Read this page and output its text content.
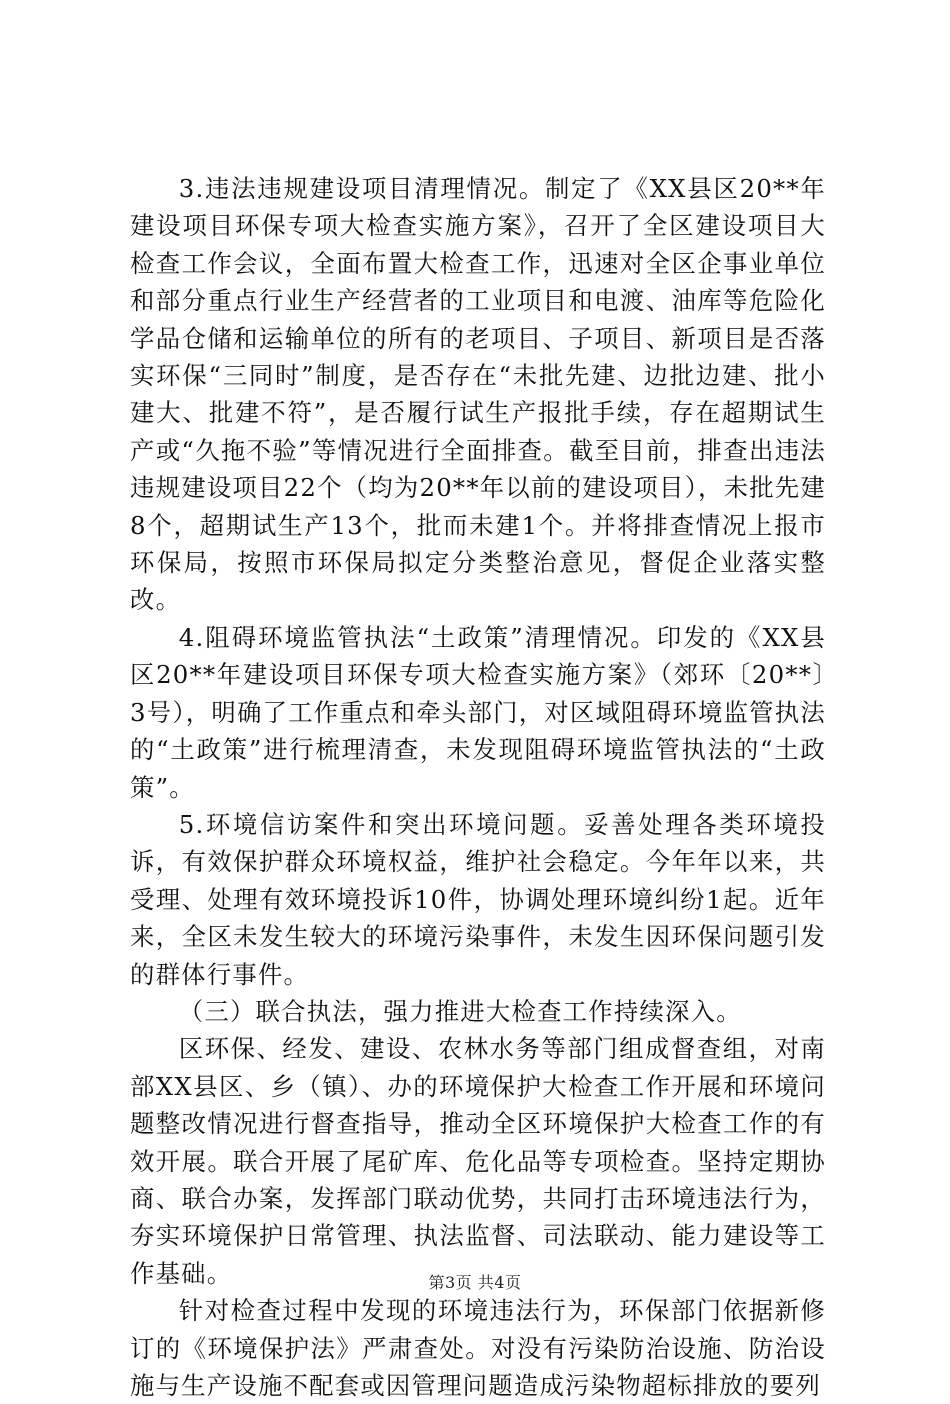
3.违法违规建设项目清理情况。制定了《XX县区20**年建设项目环保专项大检查实施方案》，召开了全区建设项目大检查工作会议，全面布置大检查工作，迅速对全区企事业单位和部分重点行业生产经营者的工业项目和电渡、油库等危险化学品仓储和运输单位的所有的老项目、子项目、新项目是否落实环保“三同时”制度，是否存在“未批先建、边批边建、批小建大、批建不符”，是否履行试生产报批手续，存在超期试生产或“久拖不验”等情况进行全面排查。截至目前，排查出违法违规建设项目22个（均为20**年以前的建设项目），未批先建8个，超期试生产13个，批而未建1个。并将排查情况上报市环保局，按照市环保局拟定分类整治意见，督促企业落实整改。

4.阻碍环境监管执法“土政策”清理情况。印发的《XX县区20**年建设项目环保专项大检查实施方案》（郊环〔20**〕3号），明确了工作重点和牵头部门，对区域阻碍环境监管执法的“土政策”进行梳理清查，未发现阻碍环境监管执法的“土政策”。

5.环境信访案件和突出环境问题。妥善处理各类环境投诉，有效保护群众环境权益，维护社会稳定。今年年以来，共受理、处理有效环境投诉10件，协调处理环境纠纷1起。近年来，全区未发生较大的环境污染事件，未发生因环保问题引发的群体行事件。

（三）联合执法，强力推进大检查工作持续深入。

区环保、经发、建设、农林水务等部门组成督查组，对南部XX县区、乡（镇）、办的环境保护大检查工作开展和环境问题整改情况进行督查指导，推动全区环境保护大检查工作的有效开展。联合开展了尾矿库、危化品等专项检查。坚持定期协商、联合办案，发挥部门联动优势，共同打击环境违法行为，夯实环境保护日常管理、执法监督、司法联动、能力建设等工作基础。

针对检查过程中发现的环境违法行为，环保部门依据新修订的《环境保护法》严肃查处。对没有污染防治设施、防治设施与生产设施不配套或因管理问题造成污染物超标排放的要列

第3页 共4页
